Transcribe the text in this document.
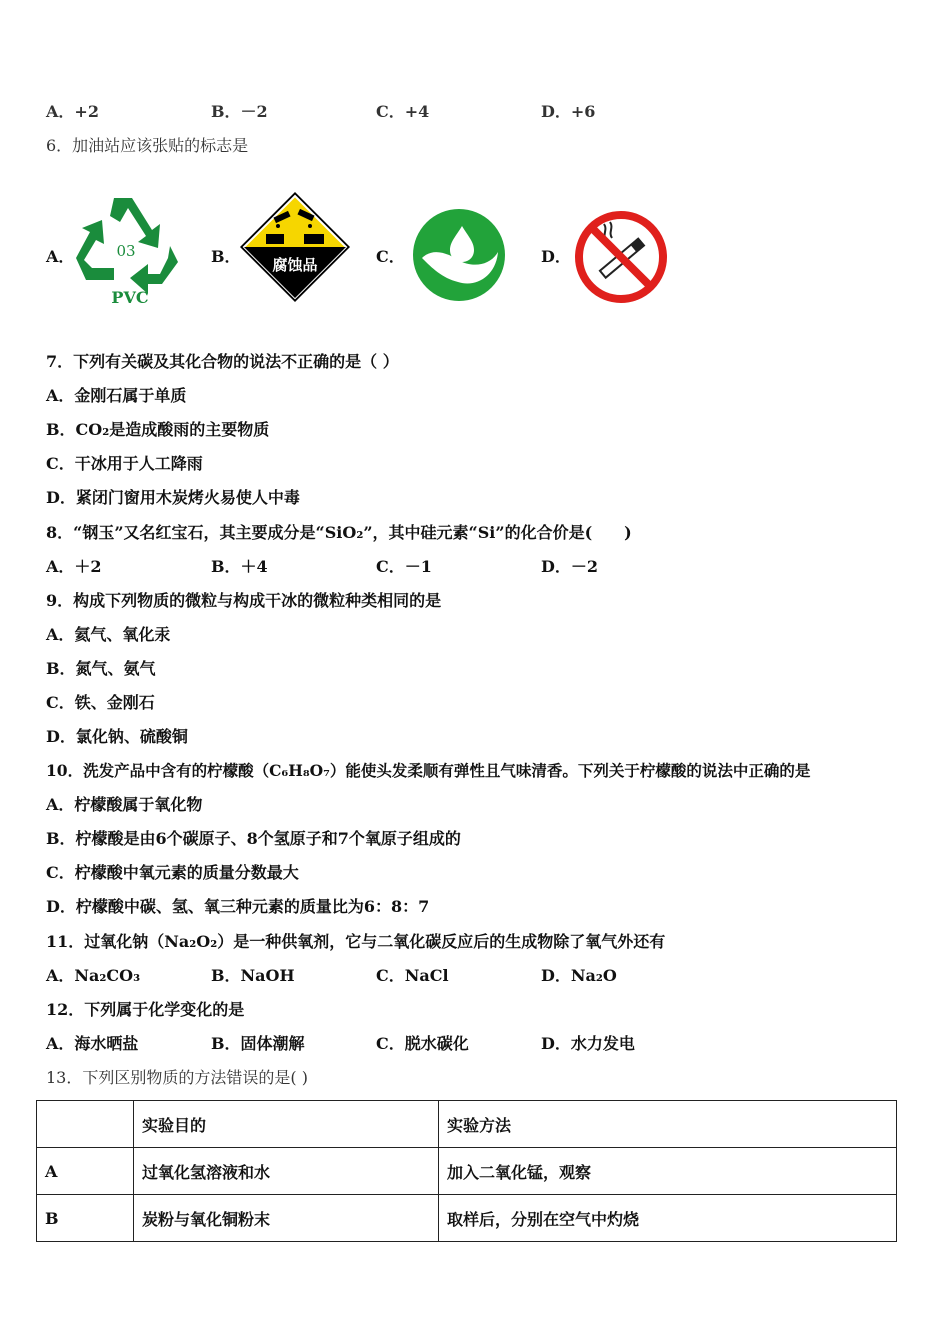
A．+2	B．－2	C．+4	D．+6
6．加油站应该张贴的标志是
A．	03
PVC
B． 腐蚀品	C．	D．
7．下列有关碳及其化合物的说法不正确的是（ ）
A．金刚石属于单质
B．CO₂是造成酸雨的主要物质
C．干冰用于人工降雨
D．紧闭门窗用木炭烤火易使人中毒
8．“钢玉”又名红宝石，其主要成分是“SiO₂”，其中硅元素“Si”的化合价是(　　)
A．＋2	B．＋4	C．－1	D．－2
9．构成下列物质的微粒与构成干冰的微粒种类相同的是
A．氦气、氧化汞
B．氮气、氨气
C．铁、金刚石
D．氯化钠、硫酸铜
10．洗发产品中含有的柠檬酸（C₆H₈O₇）能使头发柔顺有弹性且气味清香。下列关于柠檬酸的说法中正确的是
A．柠檬酸属于氧化物
B．柠檬酸是由6个碳原子、8个氢原子和7个氧原子组成的
C．柠檬酸中氧元素的质量分数最大
D．柠檬酸中碳、氢、氧三种元素的质量比为6：8：7
11．过氧化钠（Na₂O₂）是一种供氧剂，它与二氧化碳反应后的生成物除了氧气外还有
A．Na₂CO₃	B．NaOH	C．NaCl	D．Na₂O
12．下列属于化学变化的是
A．海水晒盐	B．固体潮解	C．脱水碳化	D．水力发电
13．下列区别物质的方法错误的是( )
	实验目的	实验方法
A	过氧化氢溶液和水	加入二氧化锰，观察
B	炭粉与氧化铜粉末	取样后，分别在空气中灼烧
